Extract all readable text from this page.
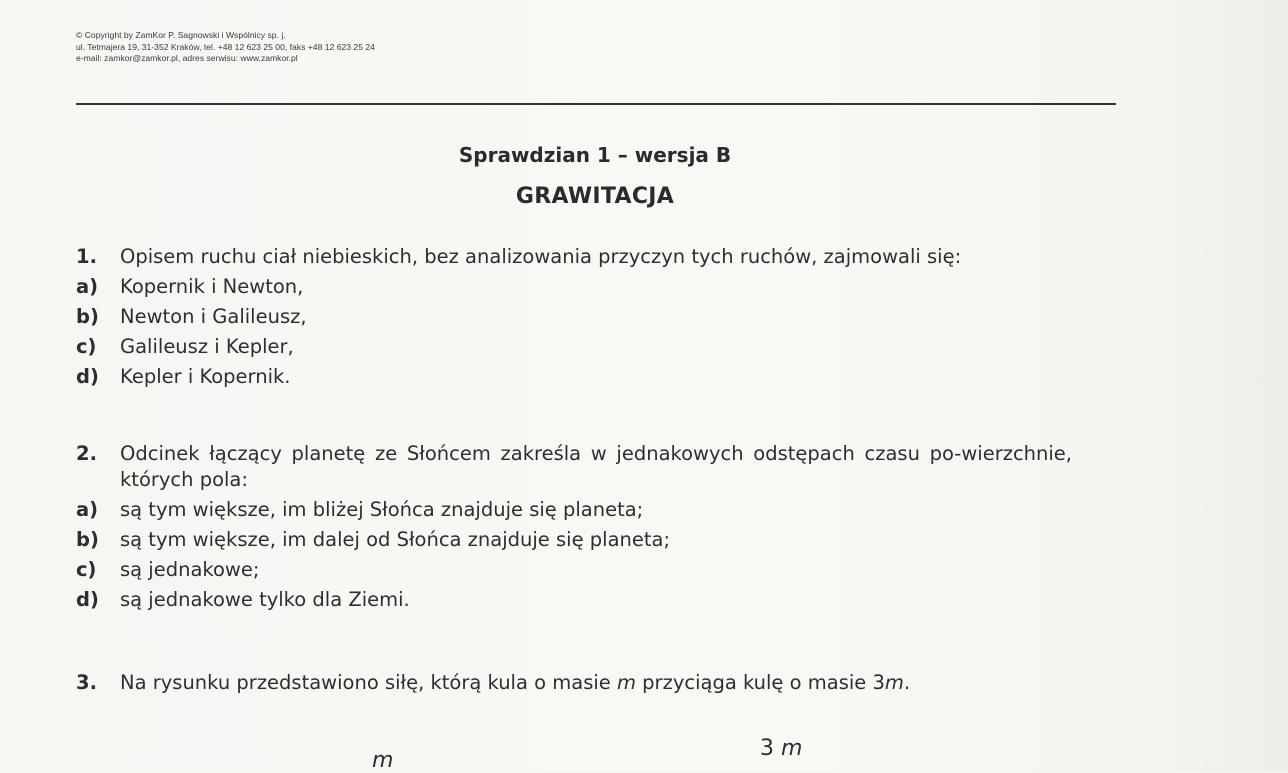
© Copyright by ZamKor P. Sagnowski i Wspólnicy sp. j.
ul. Tetmajera 19, 31-352 Kraków, tel. +48 12 623 25 00, faks +48 12 623 25 24
e-mail: zamkor@zamkor.pl, adres serwisu: www.zamkor.pl
Sprawdzian 1 – wersja B
GRAWITACJA
1.	Opisem ruchu ciał niebieskich, bez analizowania przyczyn tych ruchów, zajmowali się:
a)	Kopernik i Newton,
b)	Newton i Galileusz,
c)	Galileusz i Kepler,
d)	Kepler i Kopernik.
2.	Odcinek łączący planetę ze Słońcem zakreśla w jednakowych odstępach czasu po-wierzchnie, których pola:
a)	są tym większe, im bliżej Słońca znajduje się planeta;
b)	są tym większe, im dalej od Słońca znajduje się planeta;
c)	są jednakowe;
d)	są jednakowe tylko dla Ziemi.
3.	Na rysunku przedstawiono siłę, którą kula o masie m przyciąga kulę o masie 3m.
m	3 m
